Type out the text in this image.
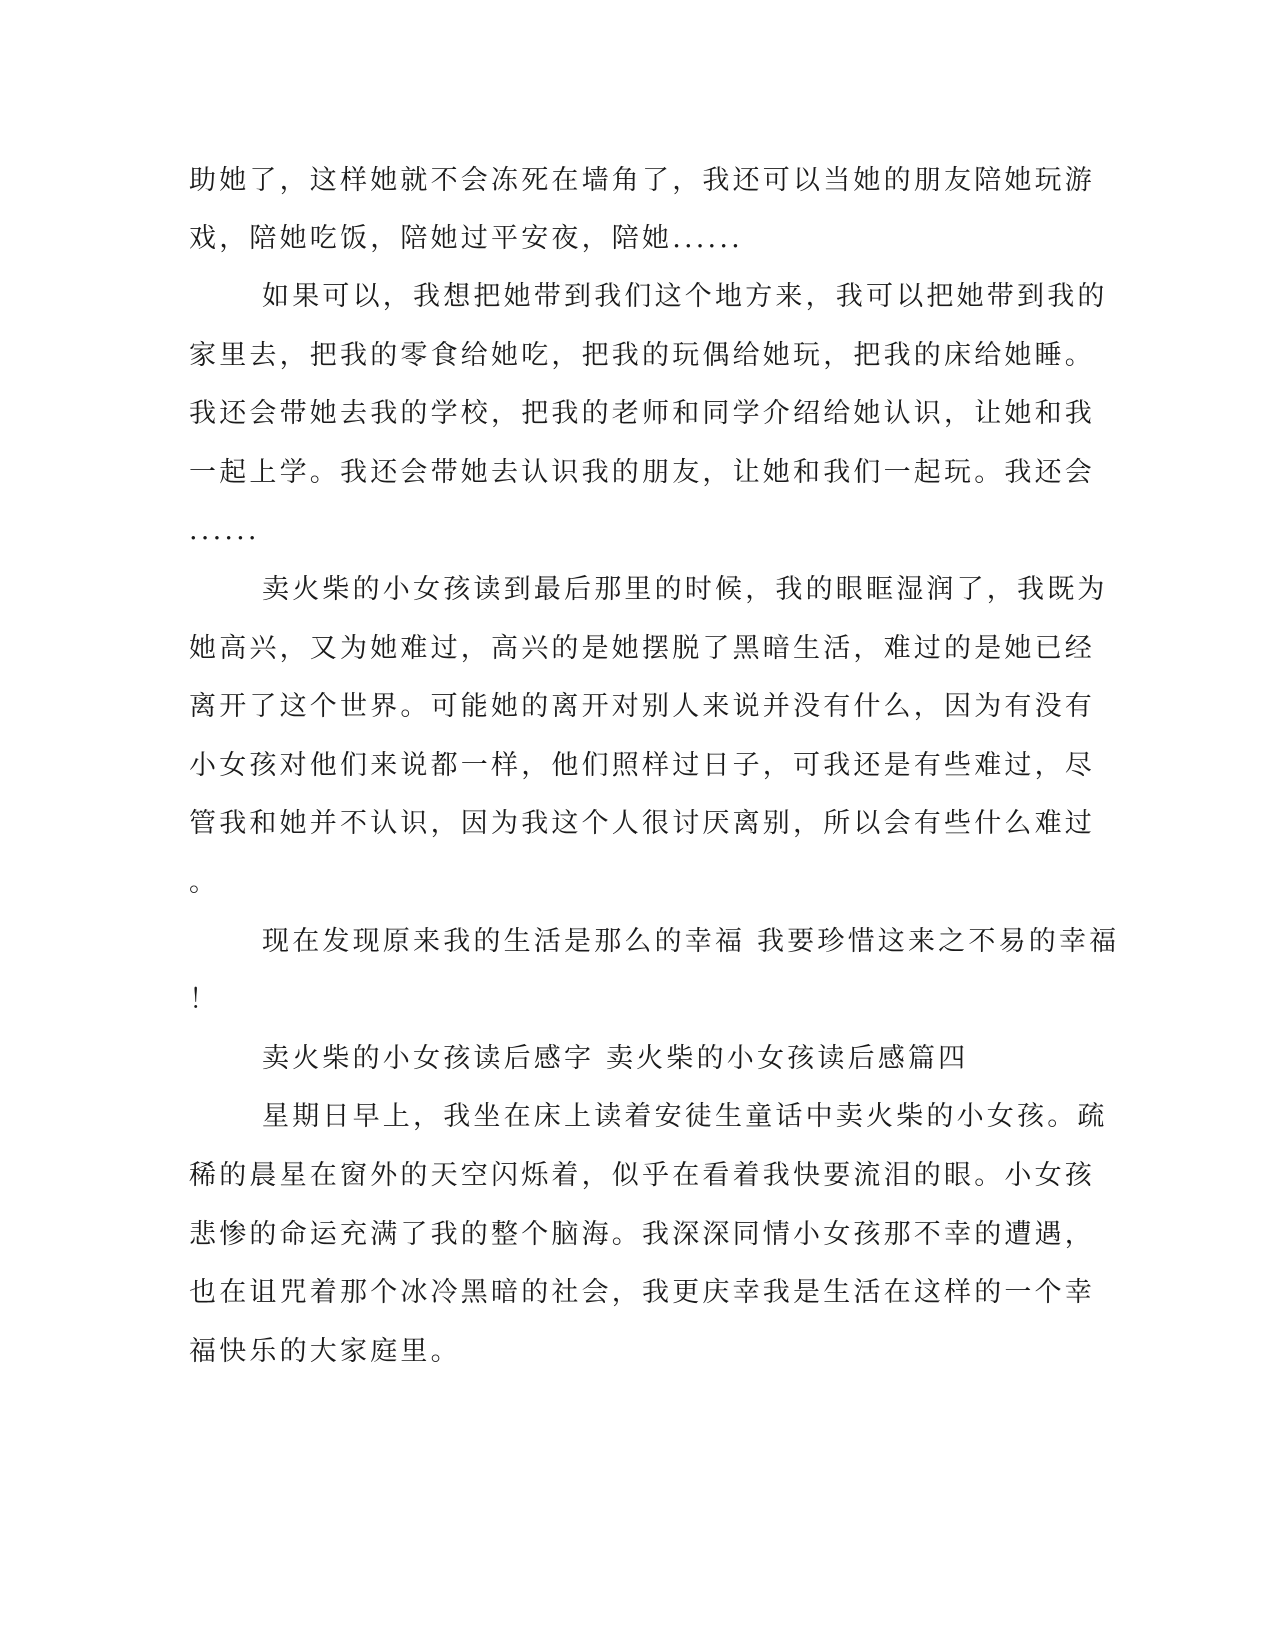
助她了，这样她就不会冻死在墙角了，我还可以当她的朋友陪她玩游

戏，陪她吃饭，陪她过平安夜，陪她......

如果可以，我想把她带到我们这个地方来，我可以把她带到我的

家里去，把我的零食给她吃，把我的玩偶给她玩，把我的床给她睡。

我还会带她去我的学校，把我的老师和同学介绍给她认识，让她和我

一起上学。我还会带她去认识我的朋友，让她和我们一起玩。我还会

......

卖火柴的小女孩读到最后那里的时候，我的眼眶湿润了，我既为

她高兴，又为她难过，高兴的是她摆脱了黑暗生活，难过的是她已经

离开了这个世界。可能她的离开对别人来说并没有什么，因为有没有

小女孩对他们来说都一样，他们照样过日子，可我还是有些难过，尽

管我和她并不认识，因为我这个人很讨厌离别，所以会有些什么难过

。

现在发现原来我的生活是那么的幸福 我要珍惜这来之不易的幸福

！

卖火柴的小女孩读后感字 卖火柴的小女孩读后感篇四

星期日早上，我坐在床上读着安徒生童话中卖火柴的小女孩。疏

稀的晨星在窗外的天空闪烁着，似乎在看着我快要流泪的眼。小女孩

悲惨的命运充满了我的整个脑海。我深深同情小女孩那不幸的遭遇，

也在诅咒着那个冰冷黑暗的社会，我更庆幸我是生活在这样的一个幸

福快乐的大家庭里。
